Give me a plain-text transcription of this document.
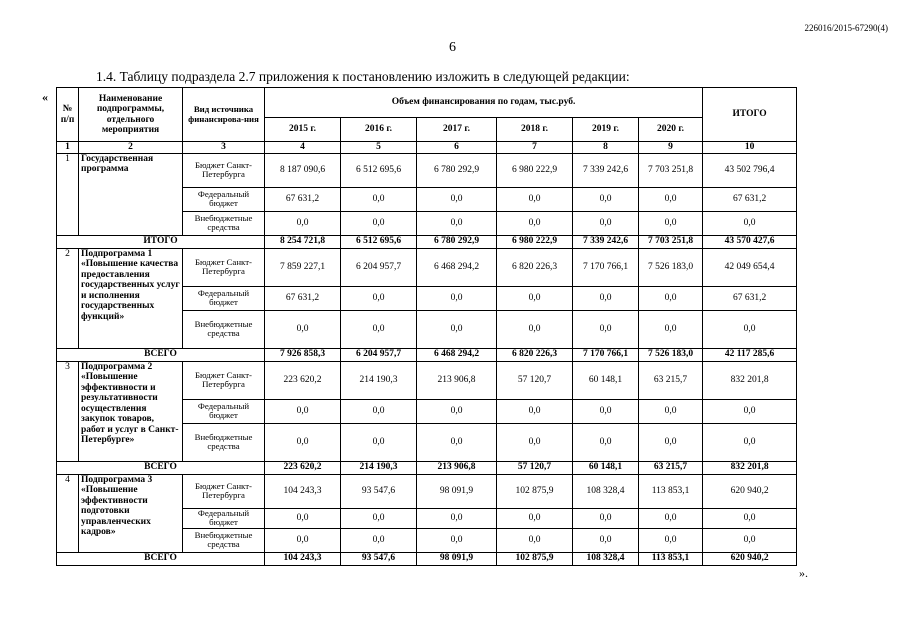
226016/2015-67290(4)
6
1.4. Таблицу подраздела 2.7 приложения к постановлению изложить в следующей редакции:
«
».
№ п/п	Наименование подпрограммы, отдельного мероприятия	Вид источника финансирова-ния	Объем финансирования по годам, тыс.руб.						ИТОГО
			2015 г.	2016 г.	2017 г.	2018 г.	2019 г.	2020 г.	
1	2	3	4	5	6	7	8	9	10
1	Государственная программа	Бюджет Санкт-Петербурга	8 187 090,6	6 512 695,6	6 780 292,9	6 980 222,9	7 339 242,6	7 703 251,8	43 502 796,4
		Федеральный бюджет	67 631,2	0,0	0,0	0,0	0,0	0,0	67 631,2
		Внебюджетные средства	0,0	0,0	0,0	0,0	0,0	0,0	0,0
ИТОГО			8 254 721,8	6 512 695,6	6 780 292,9	6 980 222,9	7 339 242,6	7 703 251,8	43 570 427,6
2	Подпрограмма 1 «Повышение качества предоставления государственных услуг и исполнения государственных функций»	Бюджет Санкт-Петербурга	7 859 227,1	6 204 957,7	6 468 294,2	6 820 226,3	7 170 766,1	7 526 183,0	42 049 654,4
		Федеральный бюджет	67 631,2	0,0	0,0	0,0	0,0	0,0	67 631,2
		Внебюджетные средства	0,0	0,0	0,0	0,0	0,0	0,0	0,0
ВСЕГО			7 926 858,3	6 204 957,7	6 468 294,2	6 820 226,3	7 170 766,1	7 526 183,0	42 117 285,6
3	Подпрограмма 2 «Повышение эффективности и результативности осуществления закупок товаров, работ и услуг в Санкт-Петербурге»	Бюджет Санкт-Петербурга	223 620,2	214 190,3	213 906,8	57 120,7	60 148,1	63 215,7	832 201,8
		Федеральный бюджет	0,0	0,0	0,0	0,0	0,0	0,0	0,0
		Внебюджетные средства	0,0	0,0	0,0	0,0	0,0	0,0	0,0
ВСЕГО			223 620,2	214 190,3	213 906,8	57 120,7	60 148,1	63 215,7	832 201,8
4	Подпрограмма 3 «Повышение эффективности подготовки управленческих кадров»	Бюджет Санкт-Петербурга	104 243,3	93 547,6	98 091,9	102 875,9	108 328,4	113 853,1	620 940,2
		Федеральный бюджет	0,0	0,0	0,0	0,0	0,0	0,0	0,0
		Внебюджетные средства	0,0	0,0	0,0	0,0	0,0	0,0	0,0
ВСЕГО			104 243,3	93 547,6	98 091,9	102 875,9	108 328,4	113 853,1	620 940,2
